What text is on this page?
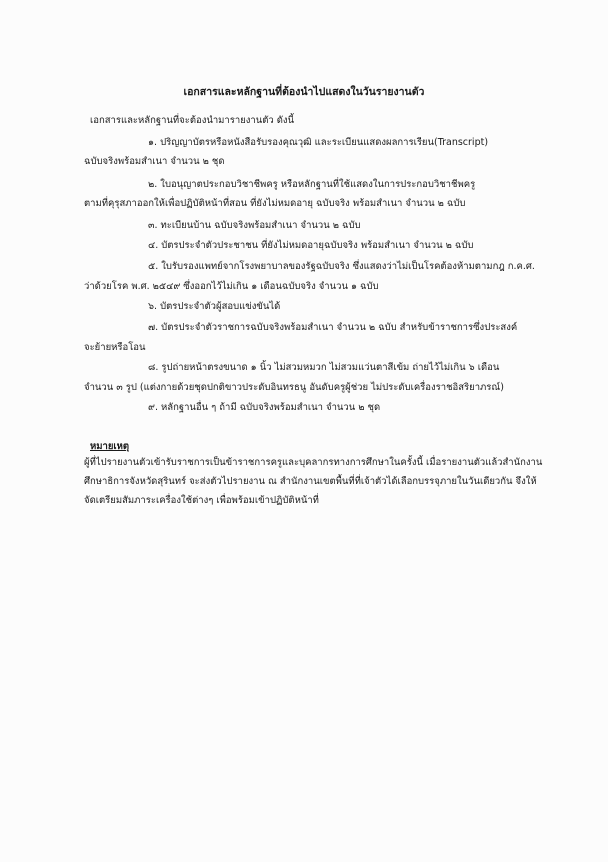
เอกสารและหลักฐานที่ต้องนำไปแสดงในวันรายงานตัว
เอกสารและหลักฐานที่จะต้องนำมารายงานตัว ดังนี้
๑. ปริญญาบัตรหรือหนังสือรับรองคุณวุฒิ และระเบียนแสดงผลการเรียน(Transcript)
ฉบับจริงพร้อมสำเนา จำนวน ๒ ชุด
๒. ใบอนุญาตประกอบวิชาชีพครู หรือหลักฐานที่ใช้แสดงในการประกอบวิชาชีพครู
ตามที่คุรุสภาออกให้เพื่อปฏิบัติหน้าที่สอน ที่ยังไม่หมดอายุ ฉบับจริง พร้อมสำเนา จำนวน ๒ ฉบับ
๓. ทะเบียนบ้าน ฉบับจริงพร้อมสำเนา จำนวน ๒ ฉบับ
๔. บัตรประจำตัวประชาชน ที่ยังไม่หมดอายุฉบับจริง พร้อมสำเนา จำนวน ๒ ฉบับ
๕. ใบรับรองแพทย์จากโรงพยาบาลของรัฐฉบับจริง ซึ่งแสดงว่าไม่เป็นโรคต้องห้ามตามกฎ ก.ค.ศ.
ว่าด้วยโรค พ.ศ. ๒๕๔๙ ซึ่งออกไว้ไม่เกิน ๑ เดือนฉบับจริง จำนวน ๑ ฉบับ
๖. บัตรประจำตัวผู้สอบแข่งขันได้
๗. บัตรประจำตัวราชการฉบับจริงพร้อมสำเนา จำนวน ๒ ฉบับ สำหรับข้าราชการซึ่งประสงค์
จะย้ายหรือโอน
๘. รูปถ่ายหน้าตรงขนาด ๑ นิ้ว ไม่สวมหมวก ไม่สวมแว่นตาสีเข้ม ถ่ายไว้ไม่เกิน ๖ เดือน
จำนวน ๓ รูป (แต่งกายด้วยชุดปกติขาวประดับอินทรธนู อันดับครูผู้ช่วย ไม่ประดับเครื่องราชอิสริยาภรณ์)
๙. หลักฐานอื่น ๆ ถ้ามี ฉบับจริงพร้อมสำเนา จำนวน ๒ ชุด
หมายเหตุ
ผู้ที่ไปรายงานตัวเข้ารับราชการเป็นข้าราชการครูและบุคลากรทางการศึกษาในครั้งนี้ เมื่อรายงานตัวแล้วสำนักงาน
ศึกษาธิการจังหวัดสุรินทร์ จะส่งตัวไปรายงาน ณ สำนักงานเขตพื้นที่ที่เจ้าตัวได้เลือกบรรจุภายในวันเดียวกัน จึงให้
จัดเตรียมสัมภาระเครื่องใช้ต่างๆ เพื่อพร้อมเข้าปฏิบัติหน้าที่
